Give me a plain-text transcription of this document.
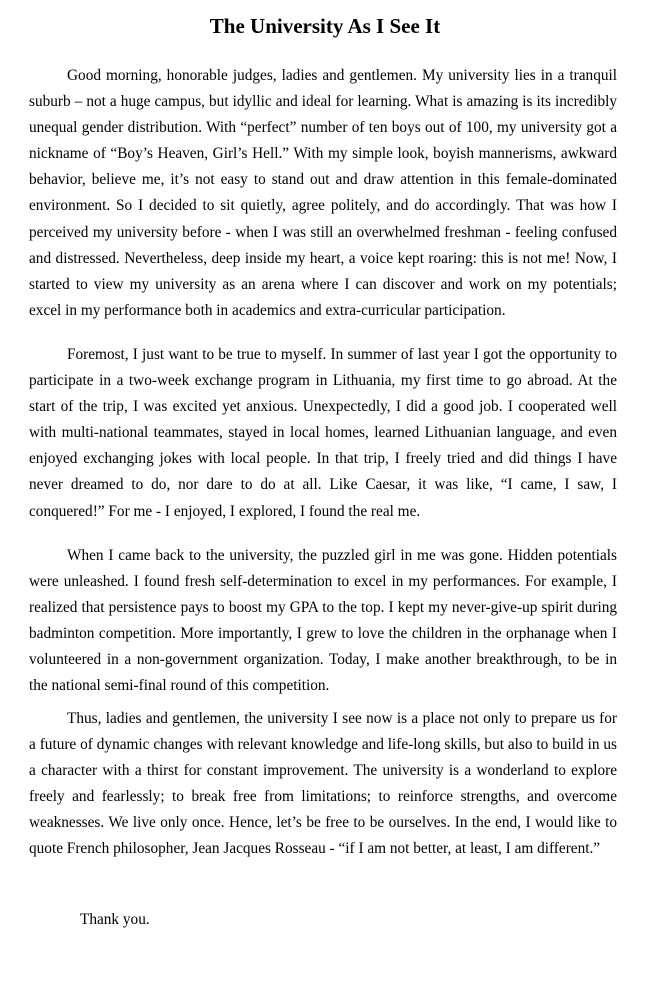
The University As I See It

Good morning, honorable judges, ladies and gentlemen. My university lies in a tranquil suburb – not a huge campus, but idyllic and ideal for learning. What is amazing is its incredibly unequal gender distribution. With “perfect” number of ten boys out of 100, my university got a nickname of “Boy’s Heaven, Girl’s Hell.” With my simple look, boyish mannerisms, awkward behavior, believe me, it’s not easy to stand out and draw attention in this female-dominated environment. So I decided to sit quietly, agree politely, and do accordingly. That was how I perceived my university before - when I was still an overwhelmed freshman - feeling confused and distressed. Nevertheless, deep inside my heart, a voice kept roaring: this is not me! Now, I started to view my university as an arena where I can discover and work on my potentials; excel in my performance both in academics and extra-curricular participation.

Foremost, I just want to be true to myself. In summer of last year I got the opportunity to participate in a two-week exchange program in Lithuania, my first time to go abroad. At the start of the trip, I was excited yet anxious. Unexpectedly, I did a good job. I cooperated well with multi-national teammates, stayed in local homes, learned Lithuanian language, and even enjoyed exchanging jokes with local people. In that trip, I freely tried and did things I have never dreamed to do, nor dare to do at all. Like Caesar, it was like, “I came, I saw, I conquered!” For me - I enjoyed, I explored, I found the real me.

When I came back to the university, the puzzled girl in me was gone. Hidden potentials were unleashed. I found fresh self-determination to excel in my performances. For example, I realized that persistence pays to boost my GPA to the top. I kept my never-give-up spirit during badminton competition. More importantly, I grew to love the children in the orphanage when I volunteered in a non-government organization. Today, I make another breakthrough, to be in the national semi-final round of this competition.

Thus, ladies and gentlemen, the university I see now is a place not only to prepare us for a future of dynamic changes with relevant knowledge and life-long skills, but also to build in us a character with a thirst for constant improvement. The university is a wonderland to explore freely and fearlessly; to break free from limitations; to reinforce strengths, and overcome weaknesses. We live only once. Hence, let’s be free to be ourselves. In the end, I would like to quote French philosopher, Jean Jacques Rosseau - “if I am not better, at least, I am different.”

Thank you.
